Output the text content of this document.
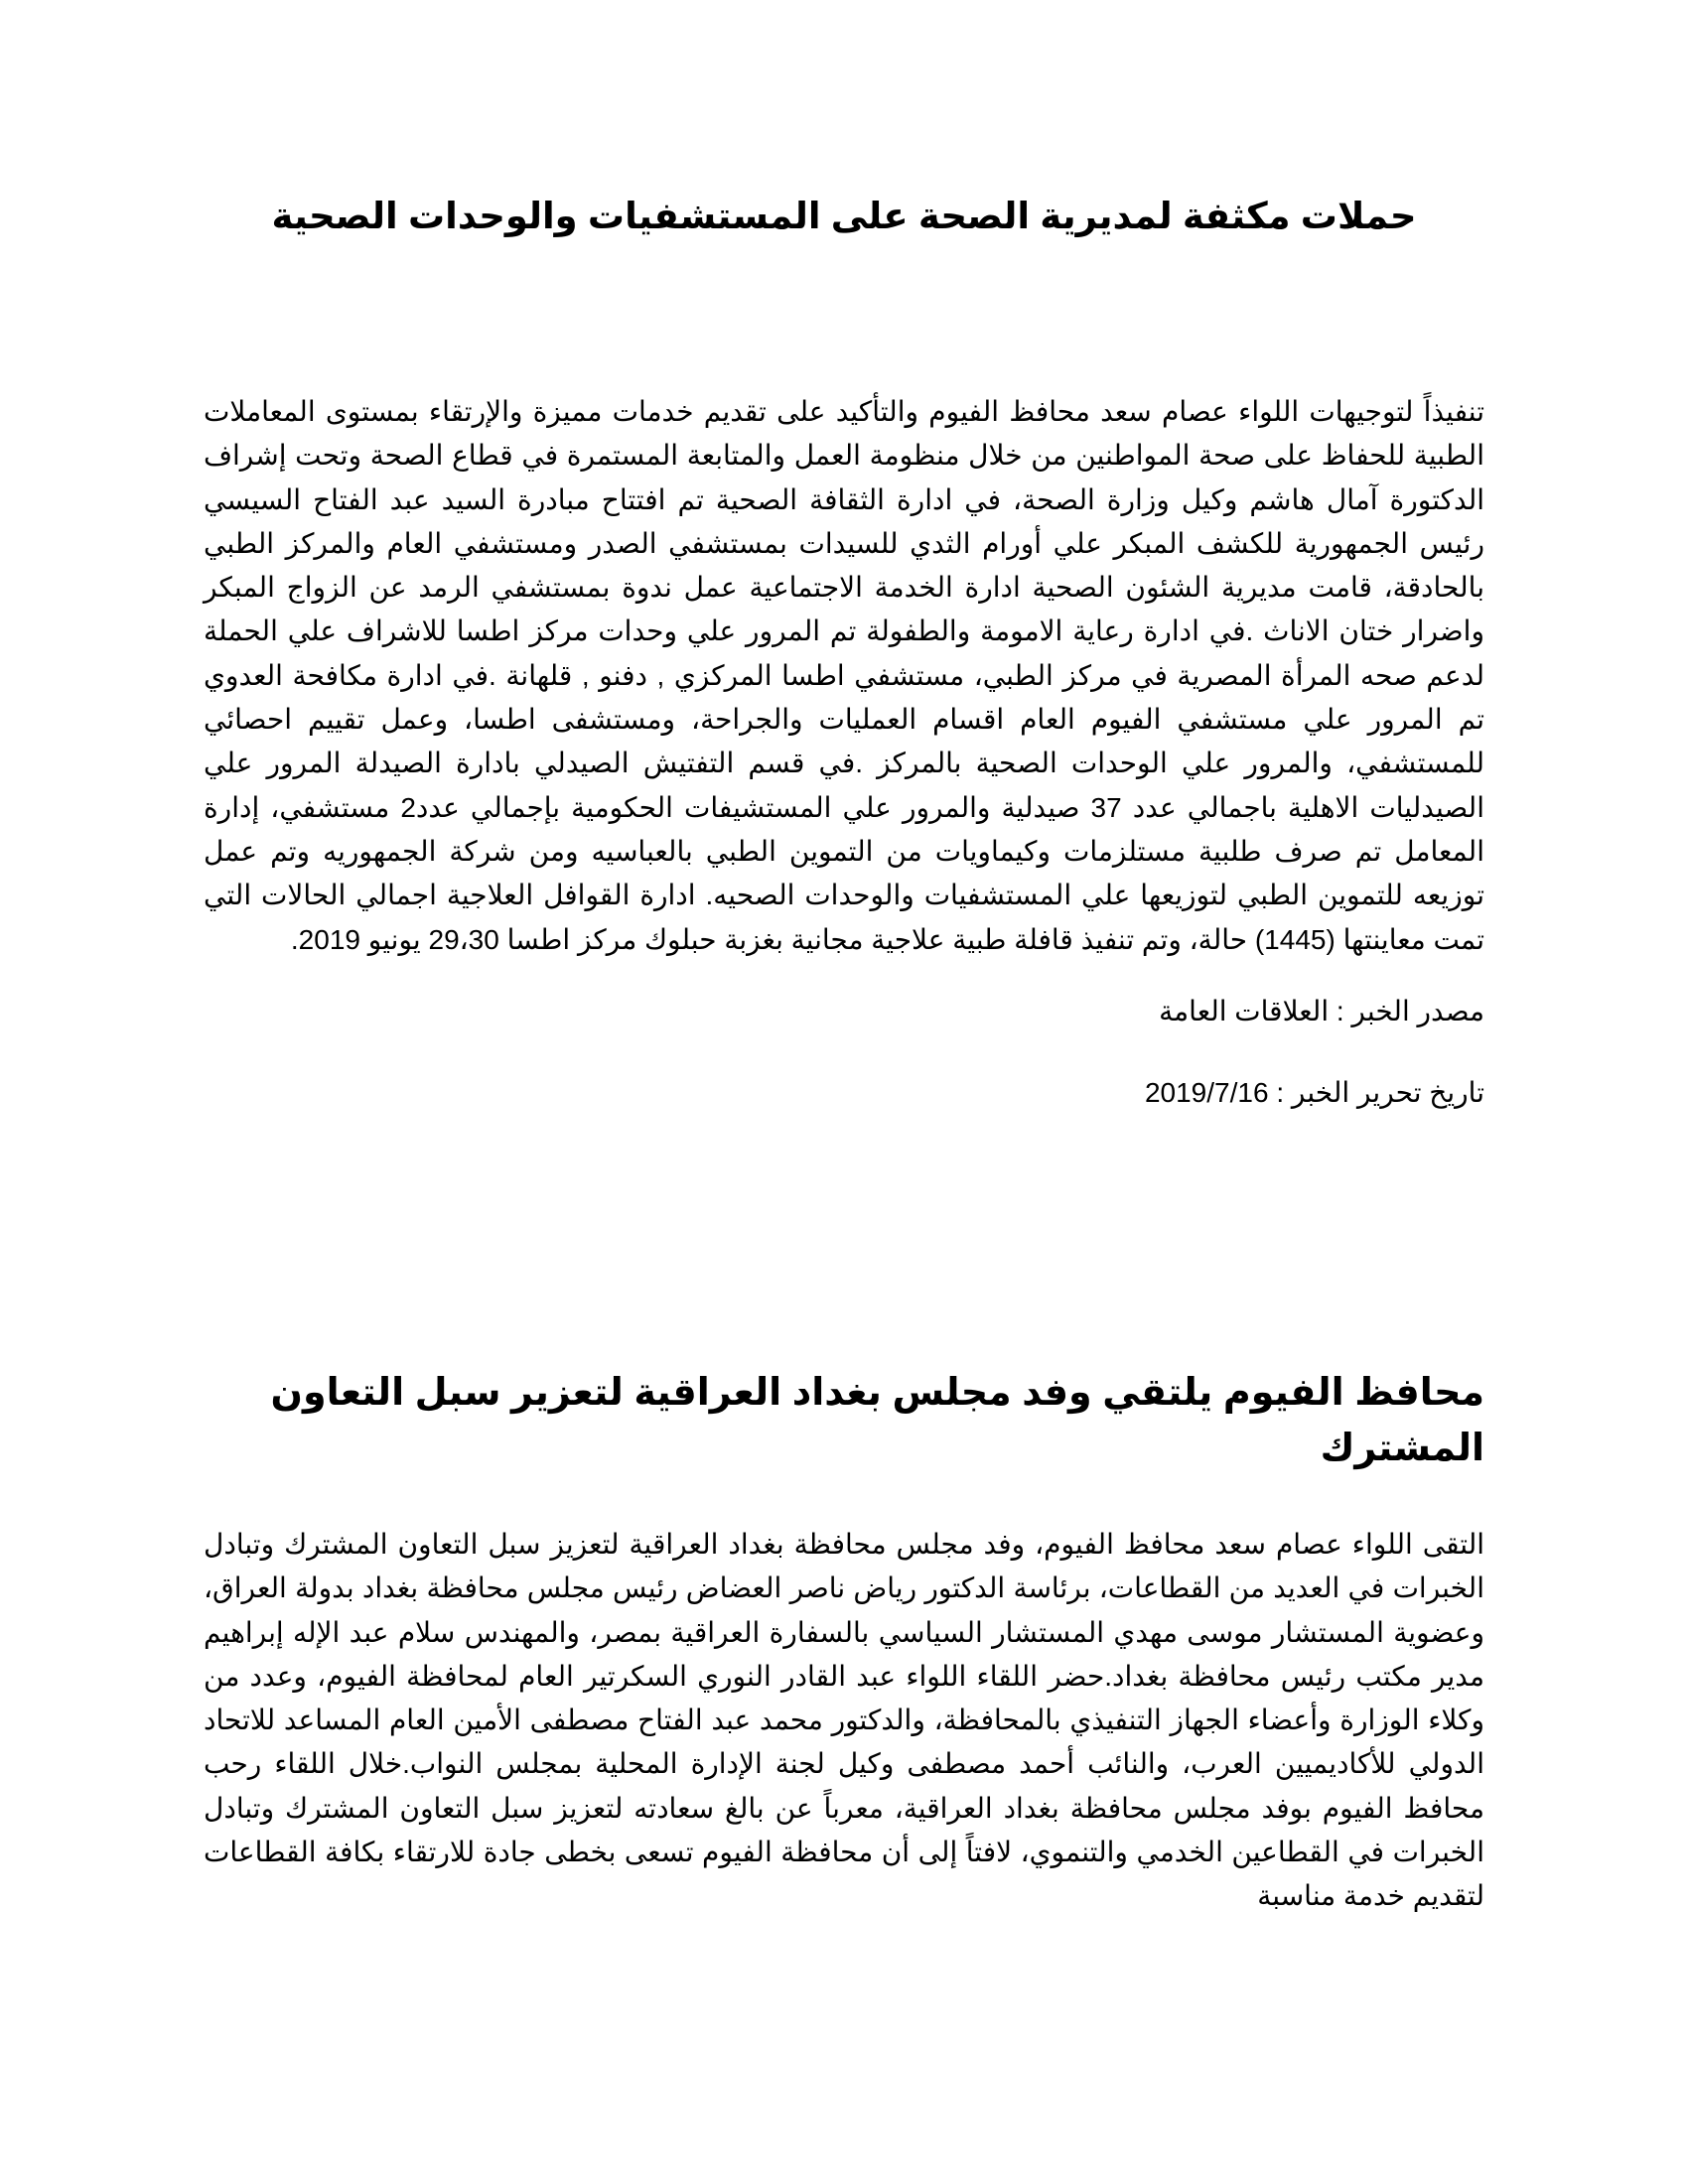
حملات مكثفة لمديرية الصحة على المستشفيات والوحدات الصحية

تنفيذاً لتوجيهات اللواء عصام سعد محافظ الفيوم والتأكيد على تقديم خدمات مميزة والإرتقاء بمستوى المعاملات الطبية للحفاظ على صحة المواطنين من خلال منظومة العمل والمتابعة المستمرة في قطاع الصحة وتحت إشراف الدكتورة آمال هاشم وكيل وزارة الصحة، في ادارة الثقافة الصحية تم افتتاح مبادرة السيد عبد الفتاح السيسي رئيس الجمهورية للكشف المبكر علي أورام الثدي للسيدات بمستشفي الصدر ومستشفي العام والمركز الطبي بالحادقة، قامت مديرية الشئون الصحية ادارة الخدمة الاجتماعية عمل ندوة بمستشفي الرمد عن الزواج المبكر واضرار ختان الاناث .في ادارة رعاية الامومة والطفولة تم المرور علي وحدات مركز اطسا للاشراف علي الحملة لدعم صحه المرأة المصرية في مركز الطبي، مستشفي اطسا المركزي , دفنو , قلهانة .في ادارة مكافحة العدوي تم المرور علي مستشفي الفيوم العام اقسام العمليات والجراحة، ومستشفى اطسا، وعمل تقييم احصائي للمستشفي، والمرور علي الوحدات الصحية بالمركز .في قسم التفتيش الصيدلي بادارة الصيدلة المرور علي الصيدليات الاهلية باجمالي عدد 37 صيدلية والمرور علي المستشيفات الحكومية بإجمالي عدد2 مستشفي، إدارة المعامل تم صرف طلبية مستلزمات وكيماويات من التموين الطبي بالعباسيه ومن شركة الجمهوريه وتم عمل توزيعه للتموين الطبي لتوزيعها علي المستشفيات والوحدات الصحيه. ادارة القوافل العلاجية اجمالي الحالات التي تمت معاينتها (1445) حالة، وتم تنفيذ قافلة طبية علاجية مجانية بغزبة حبلوك مركز اطسا 29،30 يونيو 2019.

مصدر الخبر : العلاقات العامة

تاريخ تحرير الخبر : 2019/7/16

محافظ الفيوم يلتقي وفد مجلس بغداد العراقية لتعزير سبل التعاون المشترك

التقى اللواء عصام سعد محافظ الفيوم، وفد مجلس محافظة بغداد العراقية لتعزيز سبل التعاون المشترك وتبادل الخبرات في العديد من القطاعات، برئاسة الدكتور رياض ناصر العضاض رئيس مجلس محافظة بغداد بدولة العراق، وعضوية المستشار موسى مهدي المستشار السياسي بالسفارة العراقية بمصر، والمهندس سلام عبد الإله إبراهيم مدير مكتب رئيس محافظة بغداد.حضر اللقاء اللواء عبد القادر النوري السكرتير العام لمحافظة الفيوم، وعدد من وكلاء الوزارة وأعضاء الجهاز التنفيذي بالمحافظة، والدكتور محمد عبد الفتاح مصطفى الأمين العام المساعد للاتحاد الدولي للأكاديميين العرب، والنائب أحمد مصطفى وكيل لجنة الإدارة المحلية بمجلس النواب.خلال اللقاء رحب محافظ الفيوم بوفد مجلس محافظة بغداد العراقية، معرباً عن بالغ سعادته لتعزيز سبل التعاون المشترك وتبادل الخبرات في القطاعين الخدمي والتنموي، لافتاً إلى أن محافظة الفيوم تسعى بخطى جادة للارتقاء بكافة القطاعات لتقديم خدمة مناسبة
